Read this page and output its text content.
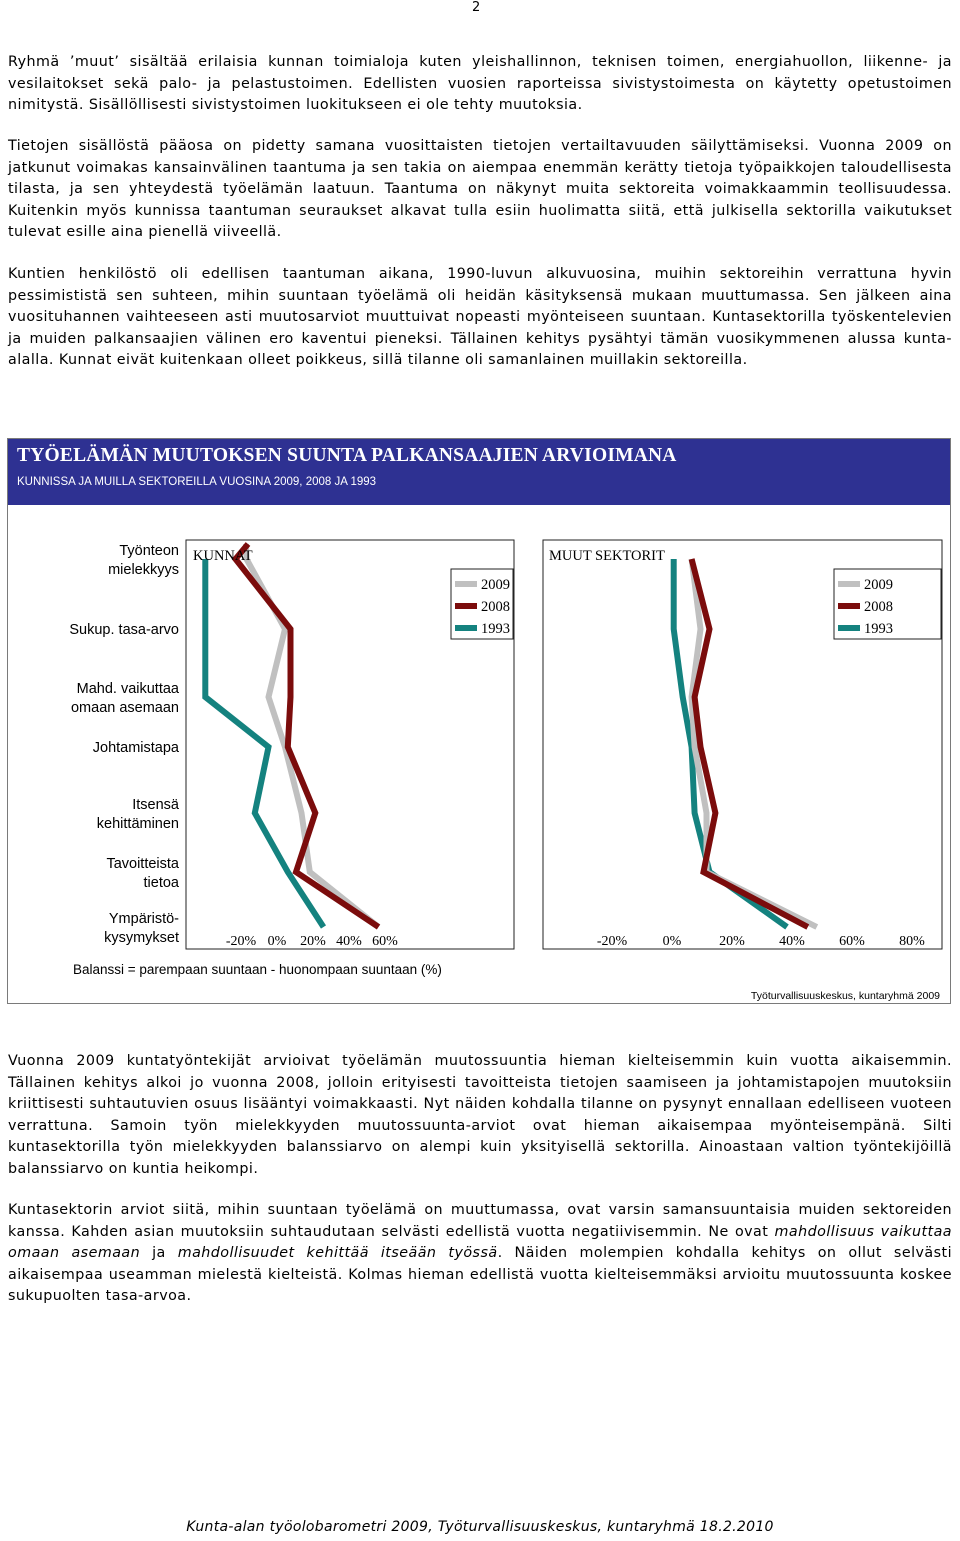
2

Ryhmä ’muut’ sisältää erilaisia kunnan toimialoja kuten yleishallinnon, teknisen toimen, energiahuollon, liikenne- ja vesilaitokset sekä palo- ja pelastustoimen. Edellisten vuosien raporteissa sivistystoimesta on käytetty opetustoimen nimitystä. Sisällöllisesti sivistystoimen luokitukseen ei ole tehty muutoksia.

Tietojen sisällöstä pääosa on pidetty samana vuosittaisten tietojen vertailtavuuden säilyttämiseksi. Vuonna 2009 on jatkunut voimakas kansainvälinen taantuma ja sen takia on aiempaa enemmän kerätty tietoja työpaikkojen taloudellisesta tilasta, ja sen yhteydestä työelämän laatuun. Taantuma on näkynyt muita sektoreita voimakkaammin teollisuudessa. Kuitenkin myös kunnissa taantuman seuraukset alkavat tulla esiin huolimatta siitä, että julkisella sektorilla vaikutukset tulevat esille aina pienellä viiveellä.

Kuntien henkilöstö oli edellisen taantuman aikana, 1990-luvun alkuvuosina, muihin sektoreihin verrattuna hyvin pessimististä sen suhteen, mihin suuntaan työelämä oli heidän käsityksensä mukaan muuttumassa. Sen jälkeen aina vuosituhannen vaihteeseen asti muutosarviot muuttuivat nopeasti myönteiseen suuntaan. Kuntasektorilla työskentelevien ja muiden palkansaajien välinen ero kaventui pieneksi. Tällainen kehitys pysähtyi tämän vuosikymmenen alussa kunta-alalla. Kunnat eivät kuitenkaan olleet poikkeus, sillä tilanne oli samanlainen muillakin sektoreilla.

TYÖELÄMÄN MUUTOKSEN SUUNTA PALKANSAAJIEN ARVIOIMANA
KUNNISSA JA MUILLA SEKTOREILLA VUOSINA 2009, 2008 JA 1993
Työnteon
mielekkyys
Sukup. tasa-arvo
Mahd. vaikuttaa
omaan asemaan
Johtamistapa
Itsensä
kehittäminen
Tavoitteista
tietoa
Ympäristö-
kysymykset
KUNNAT
-20% 0% 20% 40% 60%
2009
2008
1993
MUUT SEKTORIT
-20%	0%	20% 40% 60% 80%
2009
2008
1993
Balanssi = parempaan suuntaan - huonompaan suuntaan (%)
Työturvallisuuskeskus, kuntaryhmä 2009

Vuonna 2009 kuntatyöntekijät arvioivat työelämän muutossuuntia hieman kielteisemmin kuin vuotta aikaisemmin. Tällainen kehitys alkoi jo vuonna 2008, jolloin erityisesti tavoitteista tietojen saamiseen ja johtamistapojen muutoksiin kriittisesti suhtautuvien osuus lisääntyi voimakkaasti. Nyt näiden kohdalla tilanne on pysynyt ennallaan edelliseen vuoteen verrattuna. Samoin työn mielekkyyden muutossuunta-arviot ovat hieman aikaisempaa myönteisempänä. Silti kuntasektorilla työn mielekkyyden balanssiarvo on alempi kuin yksityisellä sektorilla. Ainoastaan valtion työntekijöillä balanssiarvo on kuntia heikompi.

Kuntasektorin arviot siitä, mihin suuntaan työelämä on muuttumassa, ovat varsin samansuuntaisia muiden sektoreiden kanssa. Kahden asian muutoksiin suhtaudutaan selvästi edellistä vuotta negatiivisemmin. Ne ovat mahdollisuus vaikuttaa omaan asemaan ja mahdollisuudet kehittää itseään työssä. Näiden molempien kohdalla kehitys on ollut selvästi aikaisempaa useamman mielestä kielteistä. Kolmas hieman edellistä vuotta kielteisemmäksi arvioitu muutossuunta koskee sukupuolten tasa-arvoa.

Kunta-alan työolobarometri 2009, Työturvallisuuskeskus, kuntaryhmä 18.2.2010
